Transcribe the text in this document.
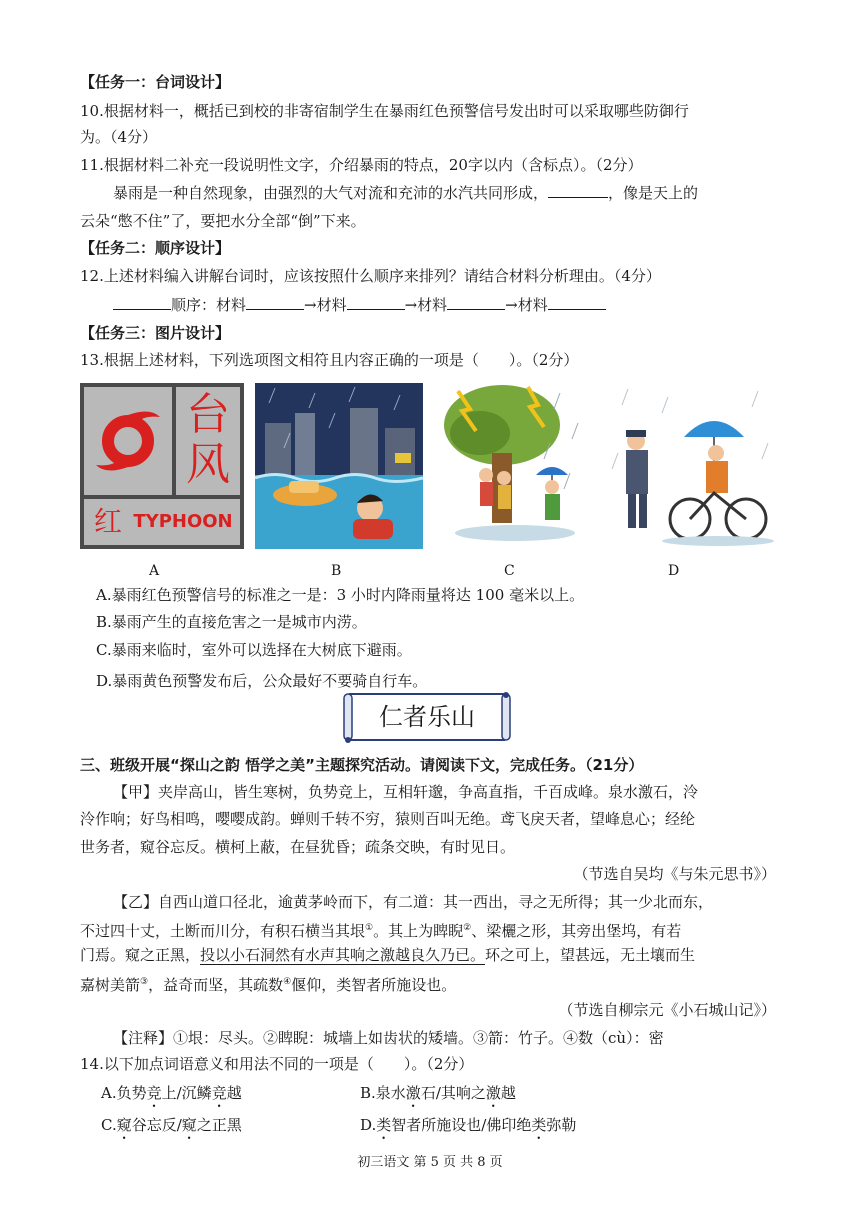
【任务一：台词设计】
10.根据材料一，概括已到校的非寄宿制学生在暴雨红色预警信号发出时可以采取哪些防御行
为。（4分）
11.根据材料二补充一段说明性文字，介绍暴雨的特点，20字以内（含标点）。（2分）
暴雨是一种自然现象，由强烈的大气对流和充沛的水汽共同形成，	，像是天上的
云朵“憋不住”了，要把水分全部“倒”下来。
【任务二：顺序设计】
12.上述材料编入讲解台词时，应该按照什么顺序来排列？请结合材料分析理由。（4分）
顺序：材料	→材料	→材料	→材料
【任务三：图片设计】
13.根据上述材料，下列选项图文相符且内容正确的一项是（　　）。（2分）
台
风
红 TYPHOON
A	B	C	D
A.暴雨红色预警信号的标准之一是：3 小时内降雨量将达 100 毫米以上。
B.暴雨产生的直接危害之一是城市内涝。
C.暴雨来临时，室外可以选择在大树底下避雨。
D.暴雨黄色预警发布后，公众最好不要骑自行车。
仁者乐山
三、班级开展“探山之韵 悟学之美”主题探究活动。请阅读下文，完成任务。（21分）
【甲】夹岸高山，皆生寒树，负势竞上，互相轩邈，争高直指，千百成峰。泉水激石，泠
泠作响；好鸟相鸣，嘤嘤成韵。蝉则千转不穷，猿则百叫无绝。鸢飞戾天者，望峰息心；经纶
世务者，窥谷忘反。横柯上蔽，在昼犹昏；疏条交映，有时见日。
（节选自吴均《与朱元思书》）
【乙】自西山道口径北，逾黄茅岭而下，有二道：其一西出，寻之无所得；其一少北而东，
不过四十丈，土断而川分，有积石横当其垠①。其上为睥睨②、梁欐之形，其旁出堡坞，有若
门焉。窥之正黑，投以小石洞然有水声其响之激越良久乃已。环之可上，望甚远，无土壤而生
嘉树美箭③，益奇而坚，其疏数④偃仰，类智者所施设也。
（节选自柳宗元《小石城山记》）
【注释】①垠：尽头。②睥睨：城墙上如齿状的矮墙。③箭：竹子。④数（cù）：密
14.以下加点词语意义和用法不同的一项是（　　）。（2分）
A.负势竞上/沉鳞竞越	B.泉水激石/其响之激越
C.窥谷忘反/窥之正黑	D.类智者所施设也/佛印绝类弥勒
初三语文 第 5 页 共 8 页
